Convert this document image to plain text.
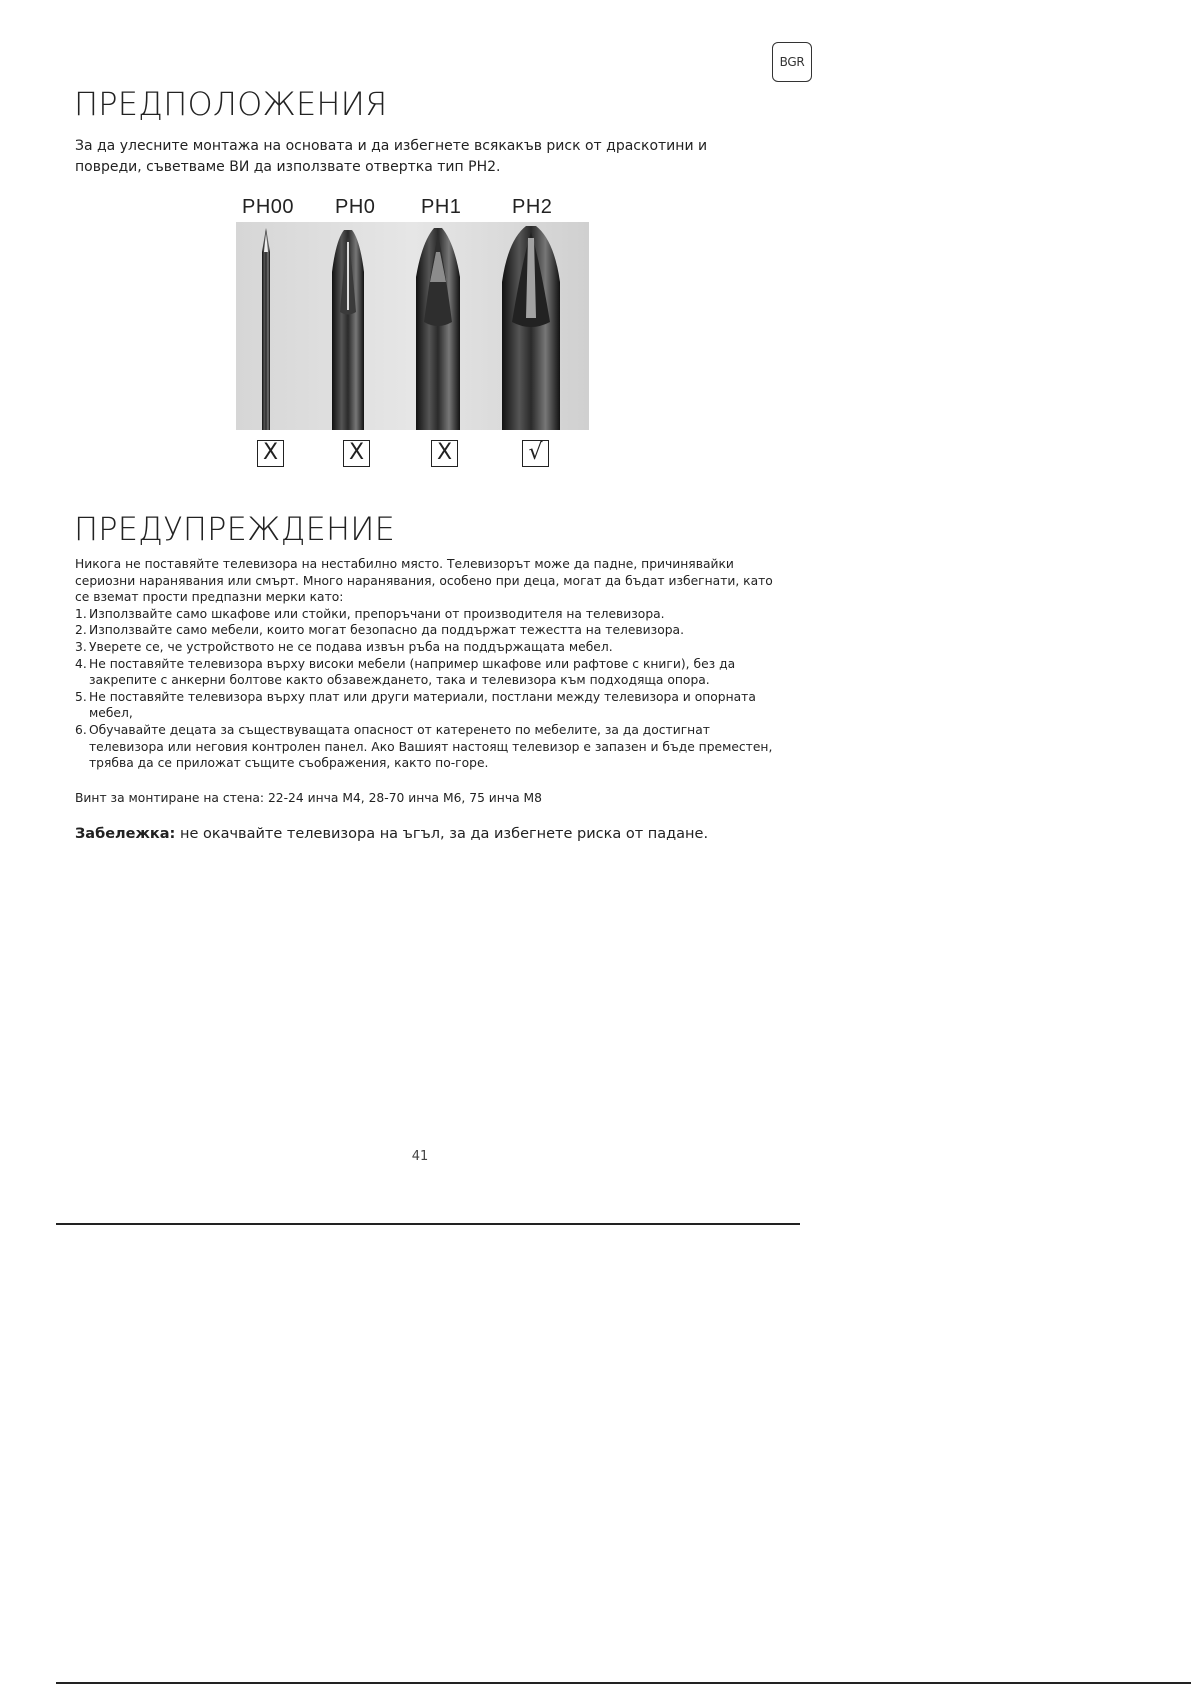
BGR
ПРЕДПОЛОЖЕНИЯ
За да улесните монтажа на основата и да избегнете всякакъв риск от драскотини и повреди, съветваме ВИ да използвате отвертка тип PH2.
PH00 PH0 PH1	PH2
X	X	X	√
ПРЕДУПРЕЖДЕНИЕ

Никога не поставяйте телевизора на нестабилно място. Телевизорът може да падне, причинявайки сериозни наранявания или смърт. Много наранявания, особено при деца, могат да бъдат избегнати, като се вземат прости предпазни мерки като:

1. Използвайте само шкафове или стойки, препоръчани от производителя на телевизора.
2. Използвайте само мебели, които могат безопасно да поддържат тежестта на телевизора.
3. Уверете се, че устройството не се подава извън ръба на поддържащата мебел.
4. Не поставяйте телевизора върху високи мебели (например шкафове или рафтове с книги), без да закрепите с анкерни болтове както обзавеждането, така и телевизора към подходяща опора.
5. Не поставяйте телевизора върху плат или други материали, постлани между телевизора и опорната мебел,
6. Обучавайте децата за съществуващата опасност от катеренето по мебелите, за да достигнат телевизора или неговия контролен панел. Ако Вашият настоящ телевизор е запазен и бъде преместен, трябва да се приложат същите съображения, както по-горе.
Винт за монтиране на стена: 22-24 инча M4, 28-70 инча M6, 75 инча M8
Забележка: не окачвайте телевизора на ъгъл, за да избегнете риска от падане.
41
